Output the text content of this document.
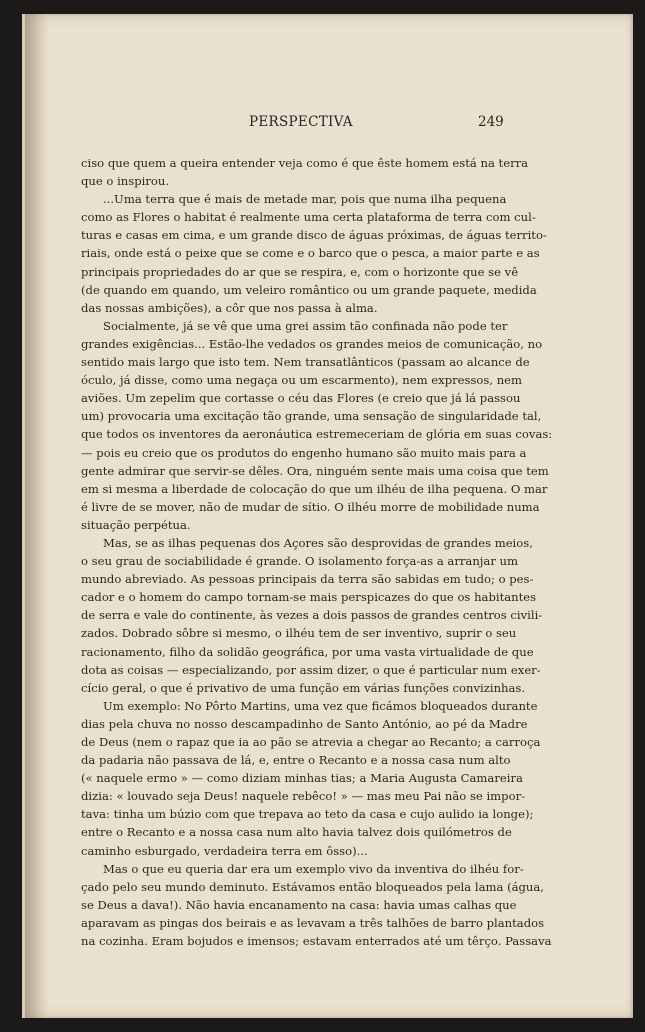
PERSPECTIVA	249
ciso que quem a queira entender veja como é que êste homem está na terra
que o inspirou.
...Uma terra que é mais de metade mar, pois que numa ilha pequena
como as Flores o habitat é realmente uma certa plataforma de terra com cul-
turas e casas em cima, e um grande disco de águas próximas, de águas territo-
riais, onde está o peixe que se come e o barco que o pesca, a maior parte e as
principais propriedades do ar que se respira, e, com o horizonte que se vê
(de quando em quando, um veleiro romântico ou um grande paquete, medida
das nossas ambições), a côr que nos passa à alma.
Socialmente, já se vê que uma grei assim tão confinada não pode ter
grandes exigências... Estão-lhe vedados os grandes meios de comunicação, no
sentido mais largo que isto tem. Nem transatlânticos (passam ao alcance de
óculo, já disse, como uma negaça ou um escarmento), nem expressos, nem
aviões. Um zepelim que cortasse o céu das Flores (e creio que já lá passou
um) provocaria uma excitação tão grande, uma sensação de singularidade tal,
que todos os inventores da aeronáutica estremeceriam de glória em suas covas:
— pois eu creio que os produtos do engenho humano são muito mais para a
gente admirar que servir-se dêles. Ora, ninguém sente mais uma coisa que tem
em si mesma a liberdade de colocação do que um ilhéu de ilha pequena. O mar
é livre de se mover, não de mudar de sítio. O ilhéu morre de mobilidade numa
situação perpétua.
Mas, se as ilhas pequenas dos Açores são desprovidas de grandes meios,
o seu grau de sociabilidade é grande. O isolamento força-as a arranjar um
mundo abreviado. As pessoas principais da terra são sabidas em tudo; o pes-
cador e o homem do campo tornam-se mais perspicazes do que os habitantes
de serra e vale do continente, às vezes a dois passos de grandes centros civili-
zados. Dobrado sôbre si mesmo, o ilhéu tem de ser inventivo, suprir o seu
racionamento, filho da solidão geográfica, por uma vasta virtualidade de que
dota as coisas — especializando, por assim dizer, o que é particular num exer-
cício geral, o que é privativo de uma função em várias funções convizinhas.
Um exemplo: No Pôrto Martins, uma vez que ficámos bloqueados durante
dias pela chuva no nosso descampadinho de Santo António, ao pé da Madre
de Deus (nem o rapaz que ia ao pão se atrevia a chegar ao Recanto; a carroça
da padaria não passava de lá, e, entre o Recanto e a nossa casa num alto
(« naquele ermo » — como diziam minhas tias; a Maria Augusta Camareira
dizia: « louvado seja Deus! naquele rebêco! » — mas meu Pai não se impor-
tava: tinha um búzio com que trepava ao teto da casa e cujo aulido ia longe);
entre o Recanto e a nossa casa num alto havia talvez dois quilómetros de
caminho esburgado, verdadeira terra em ôsso)...
Mas o que eu queria dar era um exemplo vivo da inventiva do ilhéu for-
çado pelo seu mundo deminuto. Estávamos então bloqueados pela lama (água,
se Deus a dava!). Não havia encanamento na casa: havia umas calhas que
aparavam as pingas dos beirais e as levavam a três talhões de barro plantados
na cozinha. Eram bojudos e imensos; estavam enterrados até um têrço. Passava
